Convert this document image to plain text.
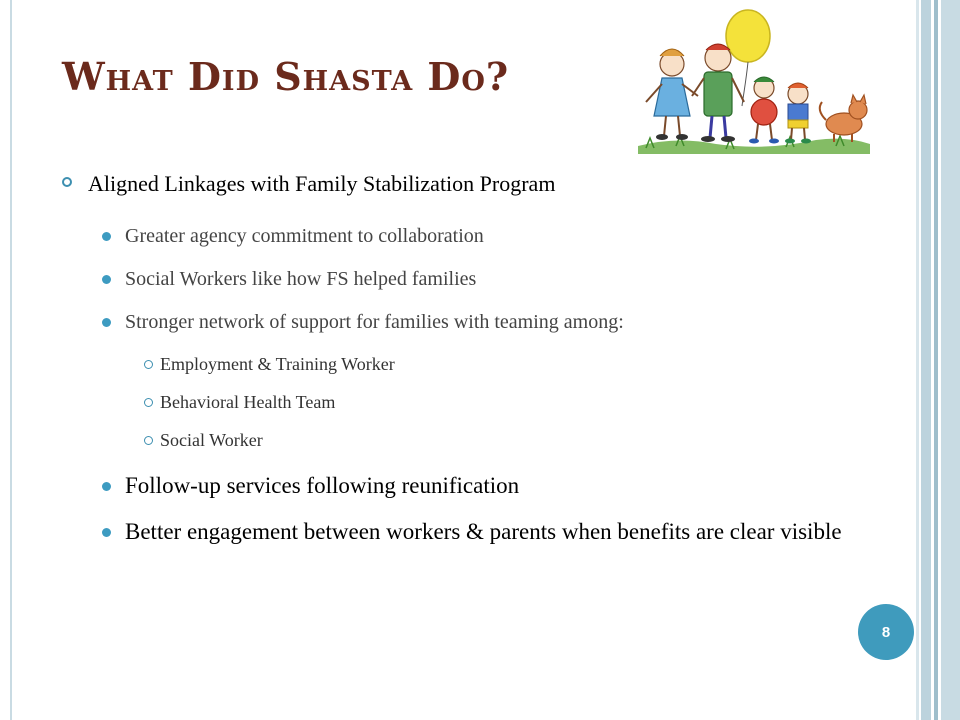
What Did Shasta Do?
Aligned Linkages with Family Stabilization Program
Greater agency commitment to collaboration
Social Workers like how FS helped families
Stronger network of support for families with teaming among:
Employment & Training Worker
Behavioral Health Team
Social Worker
Follow-up services following reunification
Better engagement between workers & parents when benefits are clear visible
8
